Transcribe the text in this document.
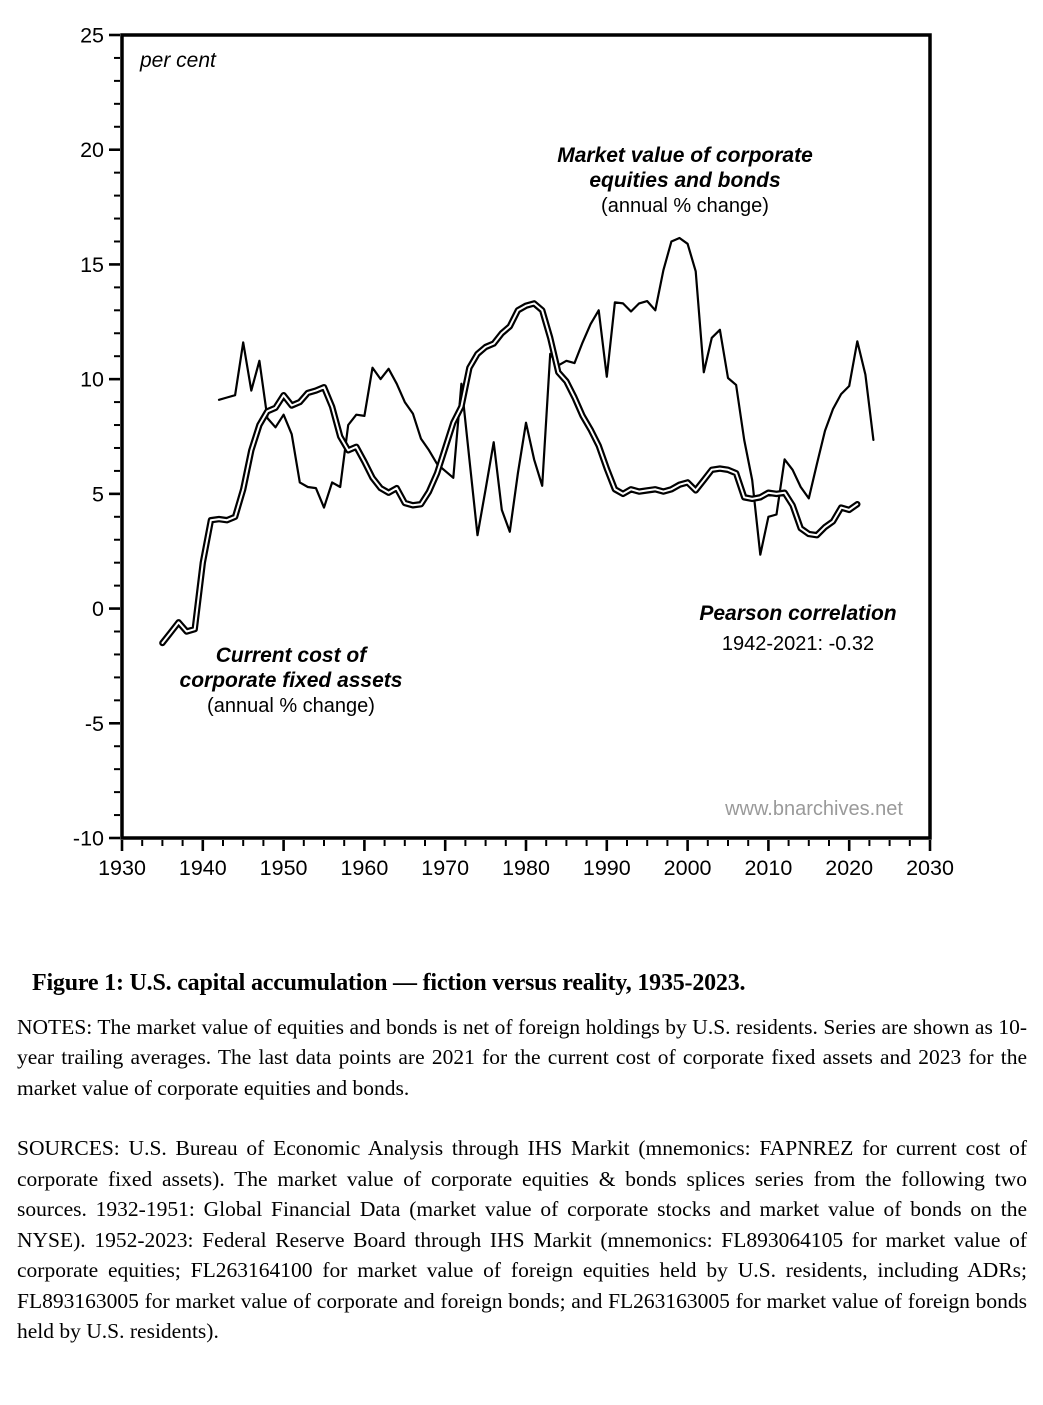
1930 1940 1950 1960 1970 1980 1990 2000 2010 2020 2030
25
20
15
10
5
0
-5
-10
per cent
Market value of corporate equities and bonds (annual % change)
Current cost of corporate fixed assets (annual % change)
Pearson correlation 1942-2021: -0.32
www.bnarchives.net
Figure 1: U.S. capital accumulation — fiction versus reality, 1935-2023.

NOTES: The market value of equities and bonds is net of foreign holdings by U.S. residents. Series are shown as 10-year trailing averages. The last data points are 2021 for the current cost of corporate fixed assets and 2023 for the market value of corporate equities and bonds.

SOURCES: U.S. Bureau of Economic Analysis through IHS Markit (mnemonics: FAPNREZ for current cost of corporate fixed assets). The market value of corporate equities & bonds splices series from the following two sources. 1932-1951: Global Financial Data (market value of corporate stocks and market value of bonds on the NYSE). 1952-2023: Federal Reserve Board through IHS Markit (mnemonics: FL893064105 for market value of corporate equities; FL263164100 for market value of foreign equities held by U.S. residents, including ADRs; FL893163005 for market value of corporate and foreign bonds; and FL263163005 for market value of foreign bonds held by U.S. residents).
